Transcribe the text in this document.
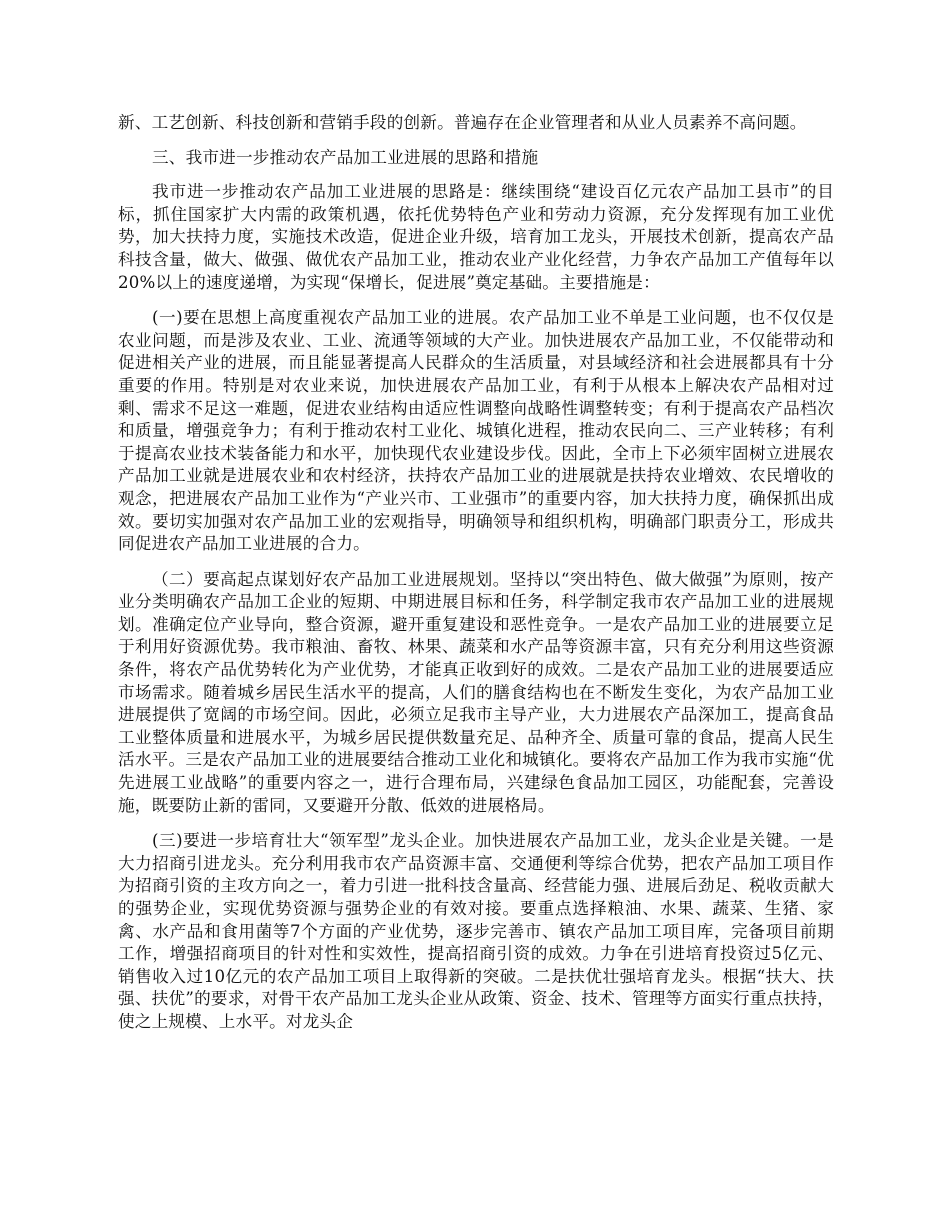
新、工艺创新、科技创新和营销手段的创新。普遍存在企业管理者和从业人员素养不高问题。

三、我市进一步推动农产品加工业进展的思路和措施

我市进一步推动农产品加工业进展的思路是：继续围绕“建设百亿元农产品加工县市”的目标，抓住国家扩大内需的政策机遇，依托优势特色产业和劳动力资源，充分发挥现有加工业优势，加大扶持力度，实施技术改造，促进企业升级，培育加工龙头，开展技术创新，提高农产品科技含量，做大、做强、做优农产品加工业，推动农业产业化经营，力争农产品加工产值每年以20%以上的速度递增，为实现“保增长，促进展”奠定基础。主要措施是：

(一)要在思想上高度重视农产品加工业的进展。农产品加工业不单是工业问题，也不仅仅是农业问题，而是涉及农业、工业、流通等领域的大产业。加快进展农产品加工业，不仅能带动和促进相关产业的进展，而且能显著提高人民群众的生活质量，对县域经济和社会进展都具有十分重要的作用。特别是对农业来说，加快进展农产品加工业，有利于从根本上解决农产品相对过剩、需求不足这一难题，促进农业结构由适应性调整向战略性调整转变；有利于提高农产品档次和质量，增强竞争力；有利于推动农村工业化、城镇化进程，推动农民向二、三产业转移；有利于提高农业技术装备能力和水平，加快现代农业建设步伐。因此，全市上下必须牢固树立进展农产品加工业就是进展农业和农村经济，扶持农产品加工业的进展就是扶持农业增效、农民增收的观念，把进展农产品加工业作为“产业兴市、工业强市”的重要内容，加大扶持力度，确保抓出成效。要切实加强对农产品加工业的宏观指导，明确领导和组织机构，明确部门职责分工，形成共同促进农产品加工业进展的合力。

（二）要高起点谋划好农产品加工业进展规划。坚持以“突出特色、做大做强”为原则，按产业分类明确农产品加工企业的短期、中期进展目标和任务，科学制定我市农产品加工业的进展规划。准确定位产业导向，整合资源，避开重复建设和恶性竞争。一是农产品加工业的进展要立足于利用好资源优势。我市粮油、畜牧、林果、蔬菜和水产品等资源丰富，只有充分利用这些资源条件，将农产品优势转化为产业优势，才能真正收到好的成效。二是农产品加工业的进展要适应市场需求。随着城乡居民生活水平的提高，人们的膳食结构也在不断发生变化，为农产品加工业进展提供了宽阔的市场空间。因此，必须立足我市主导产业，大力进展农产品深加工，提高食品工业整体质量和进展水平，为城乡居民提供数量充足、品种齐全、质量可靠的食品，提高人民生活水平。三是农产品加工业的进展要结合推动工业化和城镇化。要将农产品加工作为我市实施“优先进展工业战略”的重要内容之一，进行合理布局，兴建绿色食品加工园区，功能配套，完善设施，既要防止新的雷同，又要避开分散、低效的进展格局。

(三)要进一步培育壮大“领军型”龙头企业。加快进展农产品加工业，龙头企业是关键。一是大力招商引进龙头。充分利用我市农产品资源丰富、交通便利等综合优势，把农产品加工项目作为招商引资的主攻方向之一，着力引进一批科技含量高、经营能力强、进展后劲足、税收贡献大的强势企业，实现优势资源与强势企业的有效对接。要重点选择粮油、水果、蔬菜、生猪、家禽、水产品和食用菌等7个方面的产业优势，逐步完善市、镇农产品加工项目库，完备项目前期工作，增强招商项目的针对性和实效性，提高招商引资的成效。力争在引进培育投资过5亿元、销售收入过10亿元的农产品加工项目上取得新的突破。二是扶优壮强培育龙头。根据“扶大、扶强、扶优”的要求，对骨干农产品加工龙头企业从政策、资金、技术、管理等方面实行重点扶持，使之上规模、上水平。对龙头企
